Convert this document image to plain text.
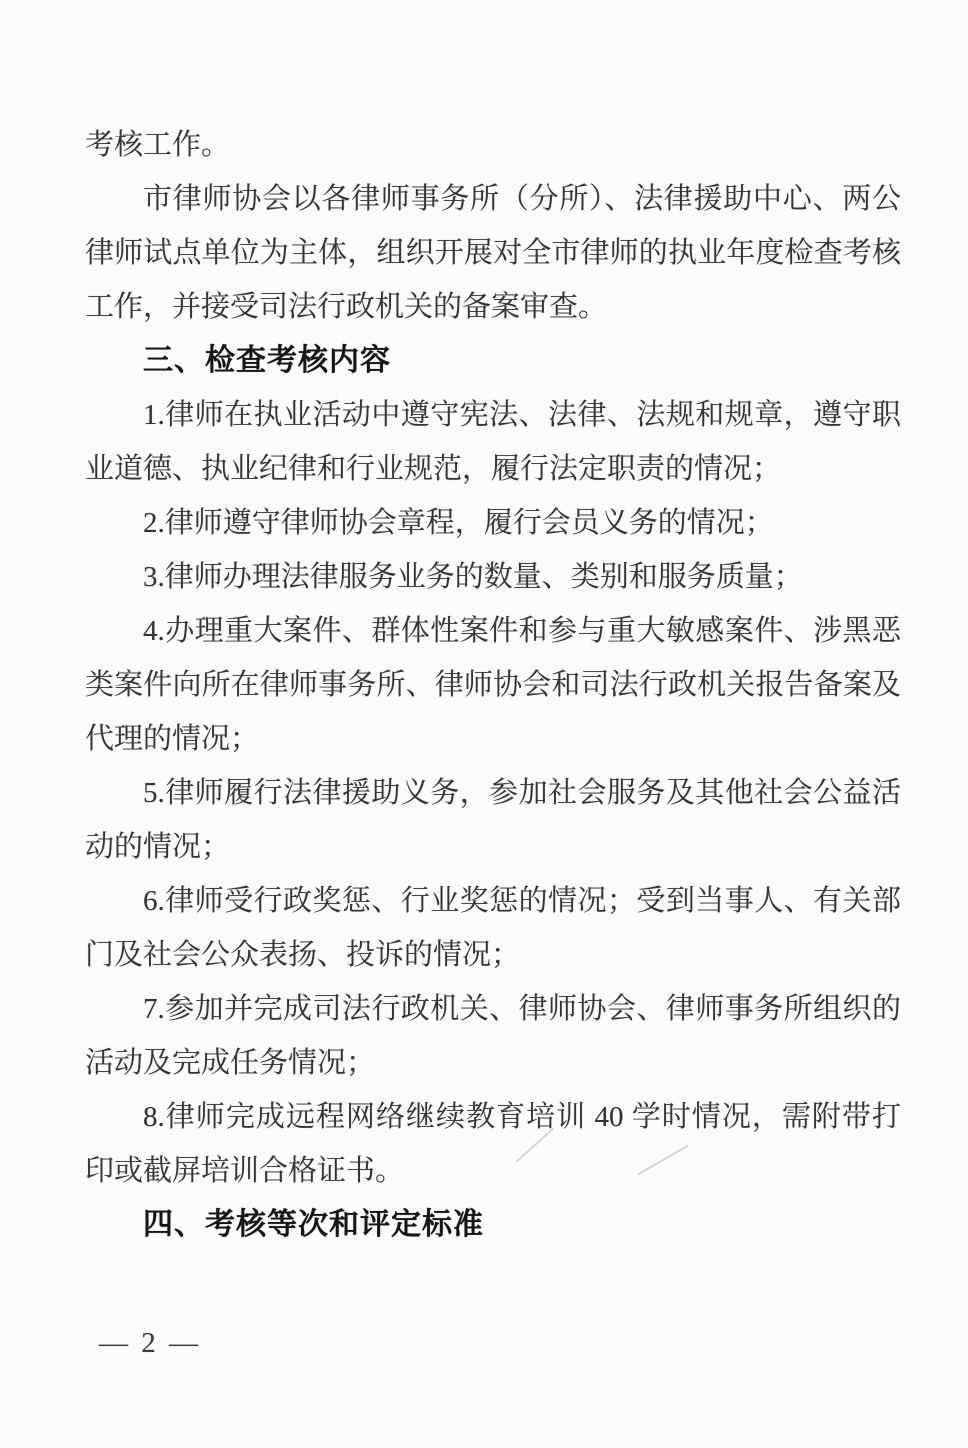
考核工作。
市律师协会以各律师事务所（分所）、法律援助中心、两公
律师试点单位为主体，组织开展对全市律师的执业年度检查考核
工作，并接受司法行政机关的备案审查。
三、检查考核内容
1.律师在执业活动中遵守宪法、法律、法规和规章，遵守职
业道德、执业纪律和行业规范，履行法定职责的情况；
2.律师遵守律师协会章程，履行会员义务的情况；
3.律师办理法律服务业务的数量、类别和服务质量；
4.办理重大案件、群体性案件和参与重大敏感案件、涉黑恶
类案件向所在律师事务所、律师协会和司法行政机关报告备案及
代理的情况；
5.律师履行法律援助义务，参加社会服务及其他社会公益活
动的情况；
6.律师受行政奖惩、行业奖惩的情况；受到当事人、有关部
门及社会公众表扬、投诉的情况；
7.参加并完成司法行政机关、律师协会、律师事务所组织的
活动及完成任务情况；
8.律师完成远程网络继续教育培训 40 学时情况，需附带打
印或截屏培训合格证书。
四、考核等次和评定标准
— 2 —
